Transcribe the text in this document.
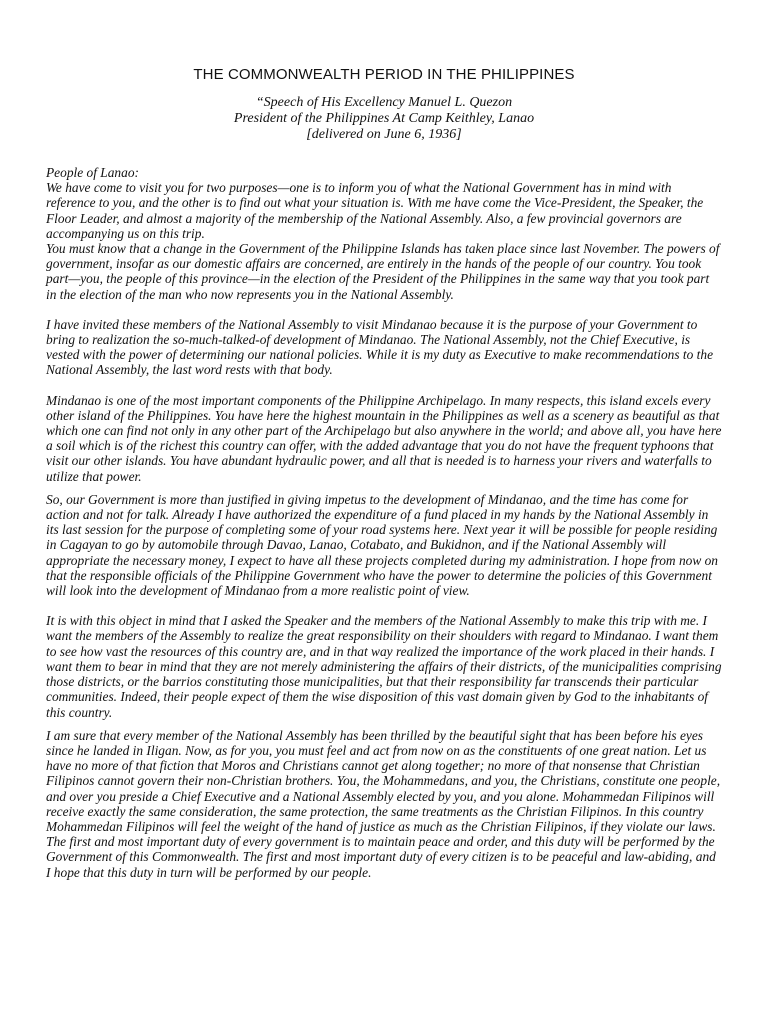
THE COMMONWEALTH PERIOD IN THE PHILIPPINES
“Speech of His Excellency Manuel L. Quezon
President of the Philippines At Camp Keithley, Lanao
[delivered on June 6, 1936]

People of Lanao:

We have come to visit you for two purposes—one is to inform you of what the National Government has in mind with reference to you, and the other is to find out what your situation is. With me have come the Vice-President, the Speaker, the Floor Leader, and almost a majority of the membership of the National Assembly. Also, a few provincial governors are accompanying us on this trip.

You must know that a change in the Government of the Philippine Islands has taken place since last November. The powers of government, insofar as our domestic affairs are concerned, are entirely in the hands of the people of our country. You took part—you, the people of this province—in the election of the President of the Philippines in the same way that you took part in the election of the man who now represents you in the National Assembly.

I have invited these members of the National Assembly to visit Mindanao because it is the purpose of your Government to bring to realization the so-much-talked-of development of Mindanao. The National Assembly, not the Chief Executive, is vested with the power of determining our national policies. While it is my duty as Executive to make recommendations to the National Assembly, the last word rests with that body.

Mindanao is one of the most important components of the Philippine Archipelago. In many respects, this island excels every other island of the Philippines. You have here the highest mountain in the Philippines as well as a scenery as beautiful as that which one can find not only in any other part of the Archipelago but also anywhere in the world; and above all, you have here a soil which is of the richest this country can offer, with the added advantage that you do not have the frequent typhoons that visit our other islands. You have abundant hydraulic power, and all that is needed is to harness your rivers and waterfalls to utilize that power.

So, our Government is more than justified in giving impetus to the development of Mindanao, and the time has come for action and not for talk. Already I have authorized the expenditure of a fund placed in my hands by the National Assembly in its last session for the purpose of completing some of your road systems here. Next year it will be possible for people residing in Cagayan to go by automobile through Davao, Lanao, Cotabato, and Bukidnon, and if the National Assembly will appropriate the necessary money, I expect to have all these projects completed during my administration. I hope from now on that the responsible officials of the Philippine Government who have the power to determine the policies of this Government will look into the development of Mindanao from a more realistic point of view.

It is with this object in mind that I asked the Speaker and the members of the National Assembly to make this trip with me. I want the members of the Assembly to realize the great responsibility on their shoulders with regard to Mindanao. I want them to see how vast the resources of this country are, and in that way realized the importance of the work placed in their hands. I want them to bear in mind that they are not merely administering the affairs of their districts, of the municipalities comprising those districts, or the barrios constituting those municipalities, but that their responsibility far transcends their particular communities. Indeed, their people expect of them the wise disposition of this vast domain given by God to the inhabitants of this country.

I am sure that every member of the National Assembly has been thrilled by the beautiful sight that has been before his eyes since he landed in Iligan. Now, as for you, you must feel and act from now on as the constituents of one great nation. Let us have no more of that fiction that Moros and Christians cannot get along together; no more of that nonsense that Christian Filipinos cannot govern their non-Christian brothers. You, the Mohammedans, and you, the Christians, constitute one people, and over you preside a Chief Executive and a National Assembly elected by you, and you alone. Mohammedan Filipinos will receive exactly the same consideration, the same protection, the same treatments as the Christian Filipinos. In this country Mohammedan Filipinos will feel the weight of the hand of justice as much as the Christian Filipinos, if they violate our laws. The first and most important duty of every government is to maintain peace and order, and this duty will be performed by the Government of this Commonwealth. The first and most important duty of every citizen is to be peaceful and law-abiding, and I hope that this duty in turn will be performed by our people.
